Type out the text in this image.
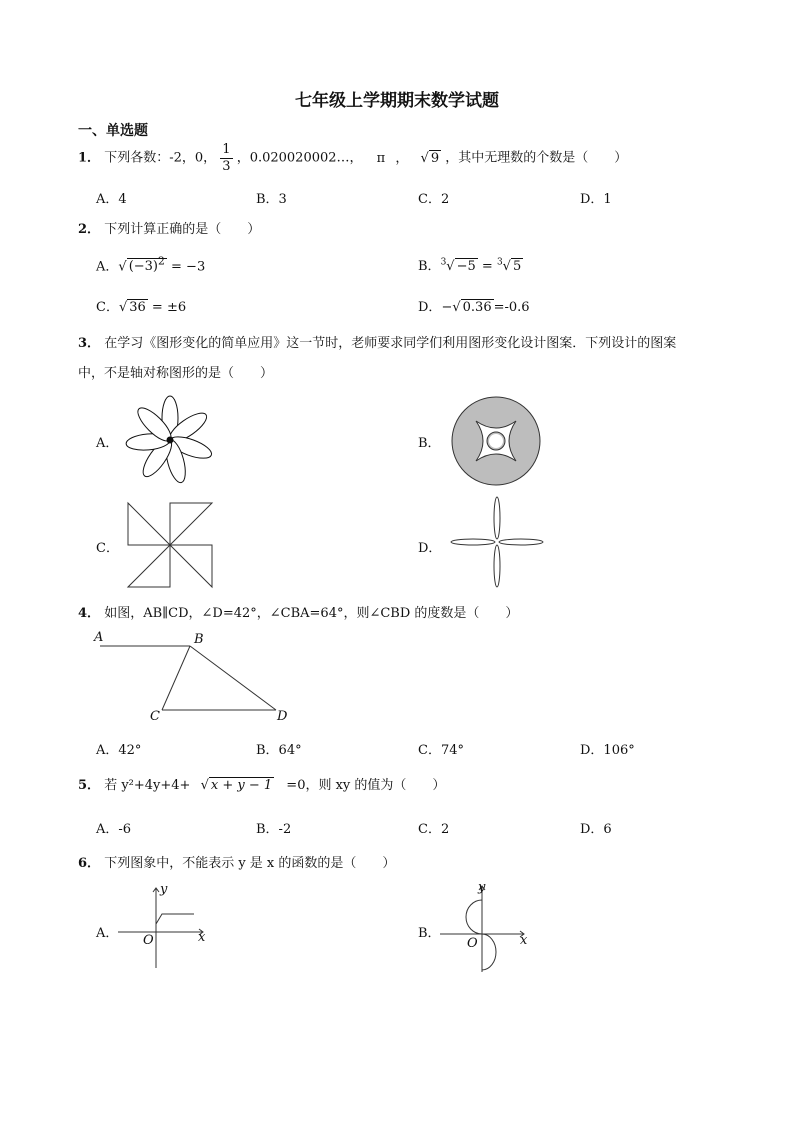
七年级上学期期末数学试题
一、单选题
1． 下列各数：-2，0， $\frac{1}{3}$ ，0.020020002…， π ， √ 9 ，其中无理数的个数是（　　）
A．4	B．3	C．2	D．1
2． 下列计算正确的是（　　）
A．√ $(-3)^2 = -3$	B．$^3$√ −5 = $^3$√ 5
C．√ 36 = ±6	D．−√ 0.36 =-0.6
3． 在学习《图形变化的简单应用》这一节时，老师要求同学们利用图形变化设计图案．下列设计的图案
中，不是轴对称图形的是（　　）
A．	B．
C．	D．
4． 如图，AB∥CD，∠D=42°，∠CBA=64°，则∠CBD 的度数是（　　）
A	B
C	D
A．42°	B．64°	C．74°	D．106°
5． 若 y²+4y+4+ √ x + y − 1 =0，则 xy 的值为（　　）
A．-6	B．-2	C．2	D．6
6． 下列图象中，不能表示 y 是 x 的函数的是（　　）
A．	B．
y
x
O
y
x
O
